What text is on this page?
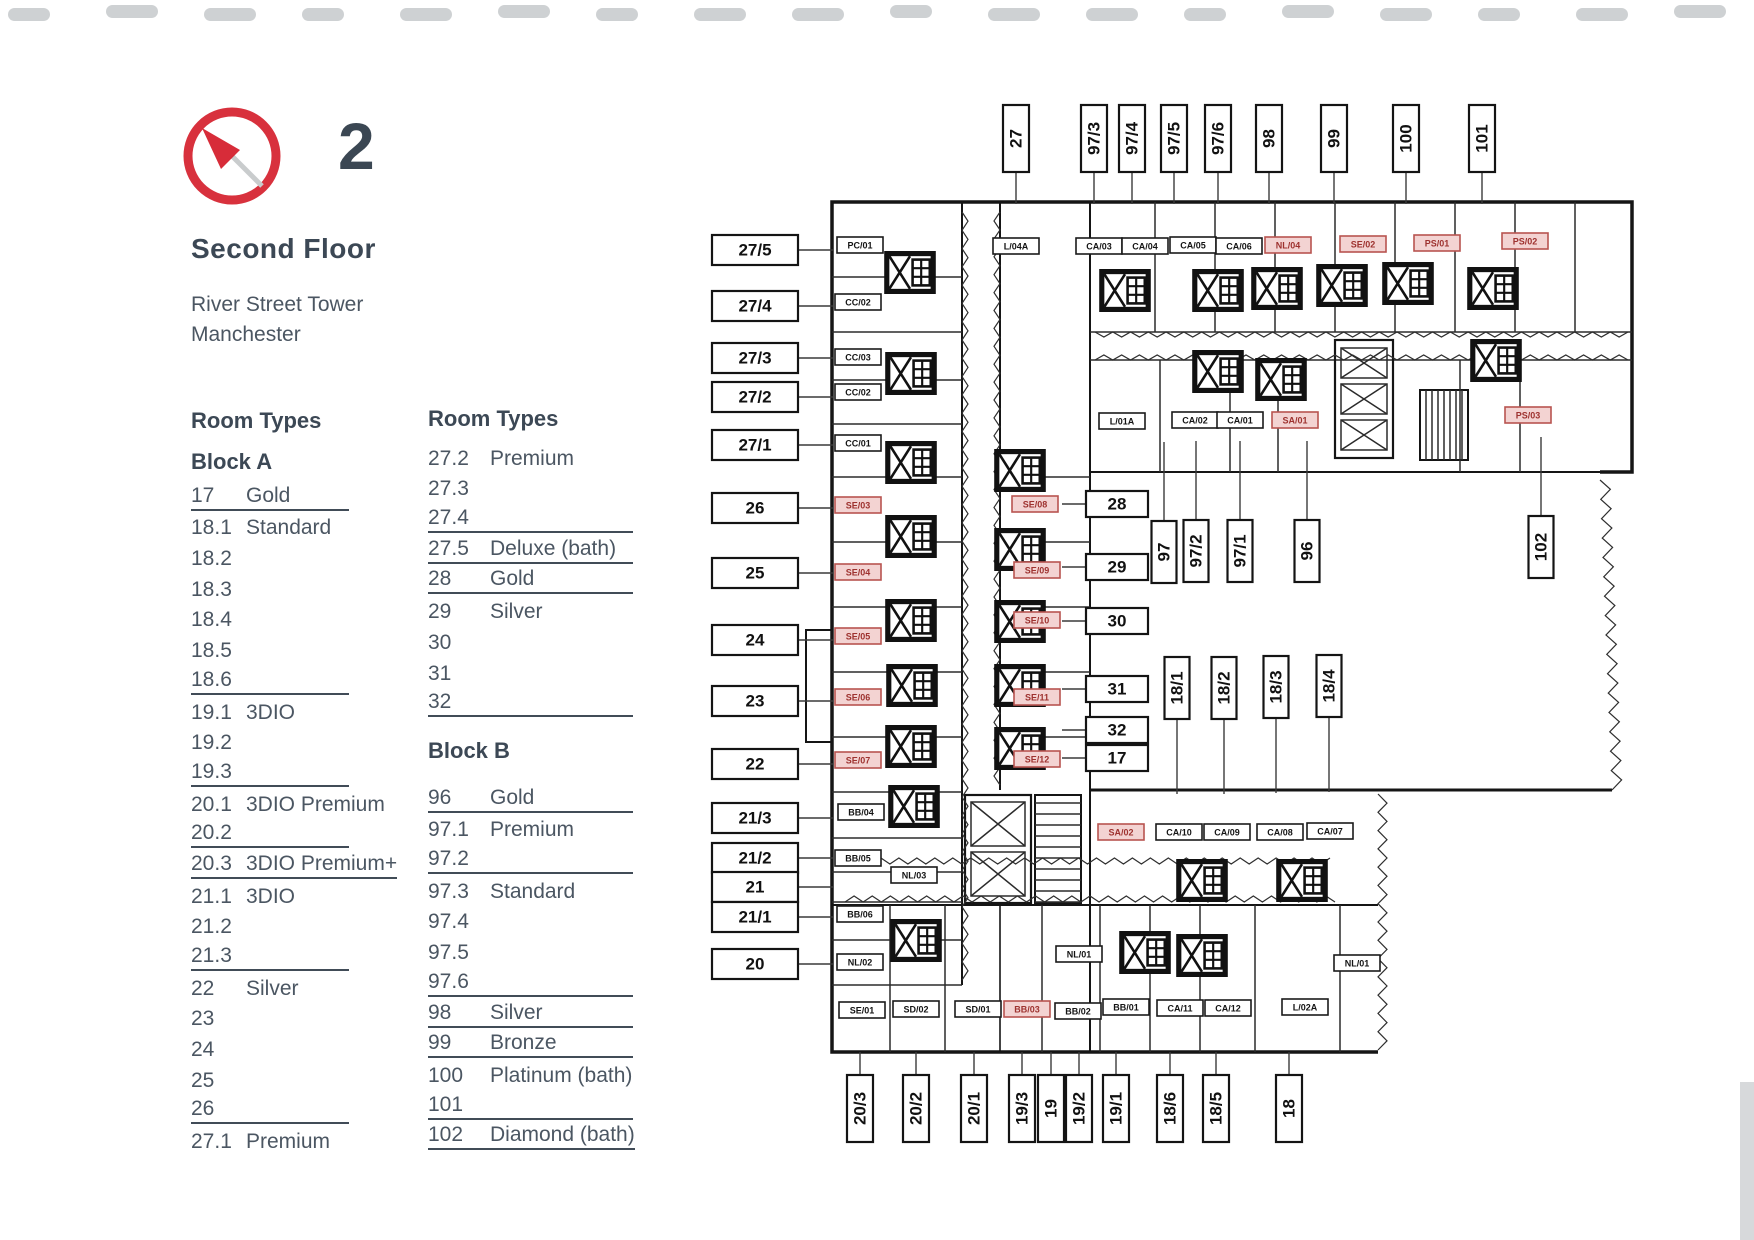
2
Second Floor
River Street Tower
Manchester
Room Types
Block A
17	Gold
18.1 Standard
18.2
18.3
18.4
18.5
18.6
19.1 3DIO
19.2
19.3
20.1 3DIO Premium
20.2
20.3 3DIO Premium+
21.1 3DIO
21.2
21.3
22	Silver
23
24
25
26
27.1 Premium
Room Types
27.2	Premium
27.3
27.4
27.5	Deluxe (bath)
28	Gold
29	Silver
30
31
32
Block B
96	Gold
97.1	Premium
97.2
97.3	Standard
97.4
97.5
97.6
98	Silver
99	Bronze
100	Platinum (bath)
101
102	Diamond (bath)
27	97/3 97/4 97/5 97/6 98	99	100	101
20/3 20/2 20/1 19/3 19 19/2 19/1 18/6 18/5	18
27/5
27/4
27/3
27/2
27/1
26
25
24
23
22
21/3
21/2
21
21/1
20
28
29
30
31
32
17
97 97/2 97/1	96
18/1 18/2 18/3 18/4
102
PC/01
CC/02
CC/03
CC/02
CC/01
L/04A	CA/03 CA/04 CA/05 CA/06	NL/04	SE/02	PS/01	PS/02
L/01A	CA/02 CA/01	SA/01	PS/03
SE/03
SE/04
SE/05
SE/06
SE/07
SE/08
SE/09
SE/10
SE/11
SE/12
BB/04
BB/05
NL/03
BB/06
NL/02
SA/02	CA/10 CA/09	CA/08	CA/07
NL/01
NL/01
SE/01	SD/02	SD/01	BB/03	BB/02 BB/01	CA/11	CA/12	L/02A
